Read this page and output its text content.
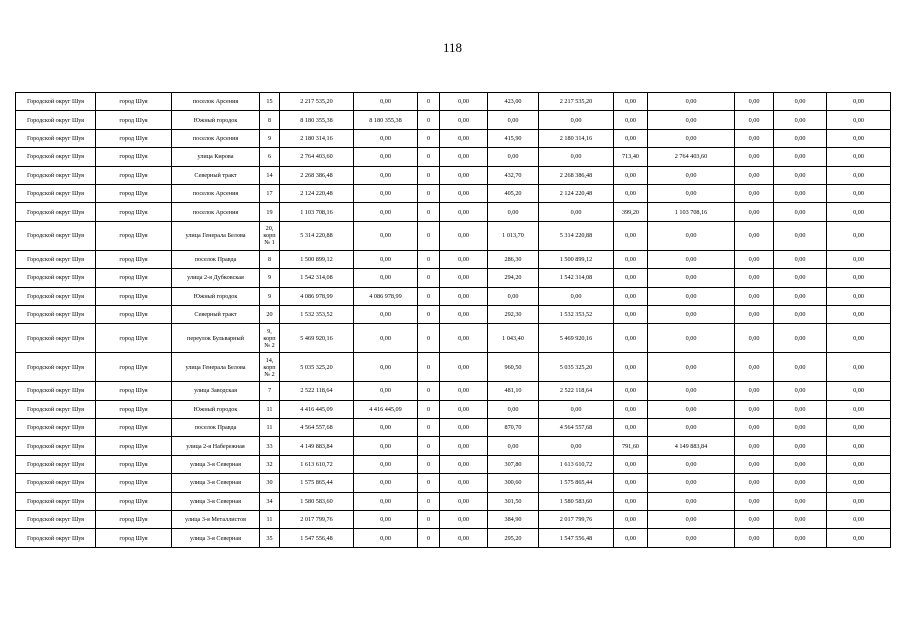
118
Городской округ Шуя	город Шуя	поселок Арсения	15	2 217 535,20	0,00	0	0,00	423,00	2 217 535,20	0,00	0,00	0,00	0,00	0,00
Городской округ Шуя	город Шуя	Южный городок	8	8 180 355,38	8 180 355,38	0	0,00	0,00	0,00	0,00	0,00	0,00	0,00	0,00
Городской округ Шуя	город Шуя	поселок Арсения	9	2 180 314,16	0,00	0	0,00	415,90	2 180 314,16	0,00	0,00	0,00	0,00	0,00
Городской округ Шуя	город Шуя	улица Кирова	6	2 764 403,60	0,00	0	0,00	0,00	0,00	713,40	2 764 403,60	0,00	0,00	0,00
Городской округ Шуя	город Шуя	Северный тракт	14	2 268 386,48	0,00	0	0,00	432,70	2 268 386,48	0,00	0,00	0,00	0,00	0,00
Городской округ Шуя	город Шуя	поселок Арсения	17	2 124 220,48	0,00	0	0,00	405,20	2 124 220,48	0,00	0,00	0,00	0,00	0,00
Городской округ Шуя	город Шуя	поселок Арсения	19	1 103 708,16	0,00	0	0,00	0,00	0,00	399,20	1 103 708,16	0,00	0,00	0,00
Городской округ Шуя	город Шуя	улица Генерала Белова	20, корп № 1	5 314 220,88	0,00	0	0,00	1 013,70	5 314 220,88	0,00	0,00	0,00	0,00	0,00
Городской округ Шуя	город Шуя	поселок Правда	8	1 500 899,12	0,00	0	0,00	286,30	1 500 899,12	0,00	0,00	0,00	0,00	0,00
Городской округ Шуя	город Шуя	улица 2-я Дубковская	9	1 542 314,08	0,00	0	0,00	294,20	1 542 314,08	0,00	0,00	0,00	0,00	0,00
Городской округ Шуя	город Шуя	Южный городок	9	4 086 978,99	4 086 978,99	0	0,00	0,00	0,00	0,00	0,00	0,00	0,00	0,00
Городской округ Шуя	город Шуя	Северный тракт	20	1 532 353,52	0,00	0	0,00	292,30	1 532 353,52	0,00	0,00	0,00	0,00	0,00
Городской округ Шуя	город Шуя	переулок Бульварный	9, корп № 2	5 469 920,16	0,00	0	0,00	1 043,40	5 469 920,16	0,00	0,00	0,00	0,00	0,00
Городской округ Шуя	город Шуя	улица Генерала Белова	14, корп № 2	5 035 325,20	0,00	0	0,00	960,50	5 035 325,20	0,00	0,00	0,00	0,00	0,00
Городской округ Шуя	город Шуя	улица Заводская	7	2 522 118,64	0,00	0	0,00	481,10	2 522 118,64	0,00	0,00	0,00	0,00	0,00
Городской округ Шуя	город Шуя	Южный городок	11	4 416 445,09	4 416 445,09	0	0,00	0,00	0,00	0,00	0,00	0,00	0,00	0,00
Городской округ Шуя	город Шуя	поселок Правда	11	4 564 557,68	0,00	0	0,00	870,70	4 564 557,68	0,00	0,00	0,00	0,00	0,00
Городской округ Шуя	город Шуя	улица 2-я Набережная	33	4 149 883,84	0,00	0	0,00	0,00	0,00	791,60	4 149 883,84	0,00	0,00	0,00
Городской округ Шуя	город Шуя	улица 3-я Северная	32	1 613 610,72	0,00	0	0,00	307,80	1 613 610,72	0,00	0,00	0,00	0,00	0,00
Городской округ Шуя	город Шуя	улица 3-я Северная	30	1 575 865,44	0,00	0	0,00	300,60	1 575 865,44	0,00	0,00	0,00	0,00	0,00
Городской округ Шуя	город Шуя	улица 3-я Северная	34	1 580 583,60	0,00	0	0,00	301,50	1 580 583,60	0,00	0,00	0,00	0,00	0,00
Городской округ Шуя	город Шуя	улица 3-я Металлистов	11	2 017 799,76	0,00	0	0,00	384,90	2 017 799,76	0,00	0,00	0,00	0,00	0,00
Городской округ Шуя	город Шуя	улица 3-я Северная	35	1 547 556,48	0,00	0	0,00	295,20	1 547 556,48	0,00	0,00	0,00	0,00	0,00
